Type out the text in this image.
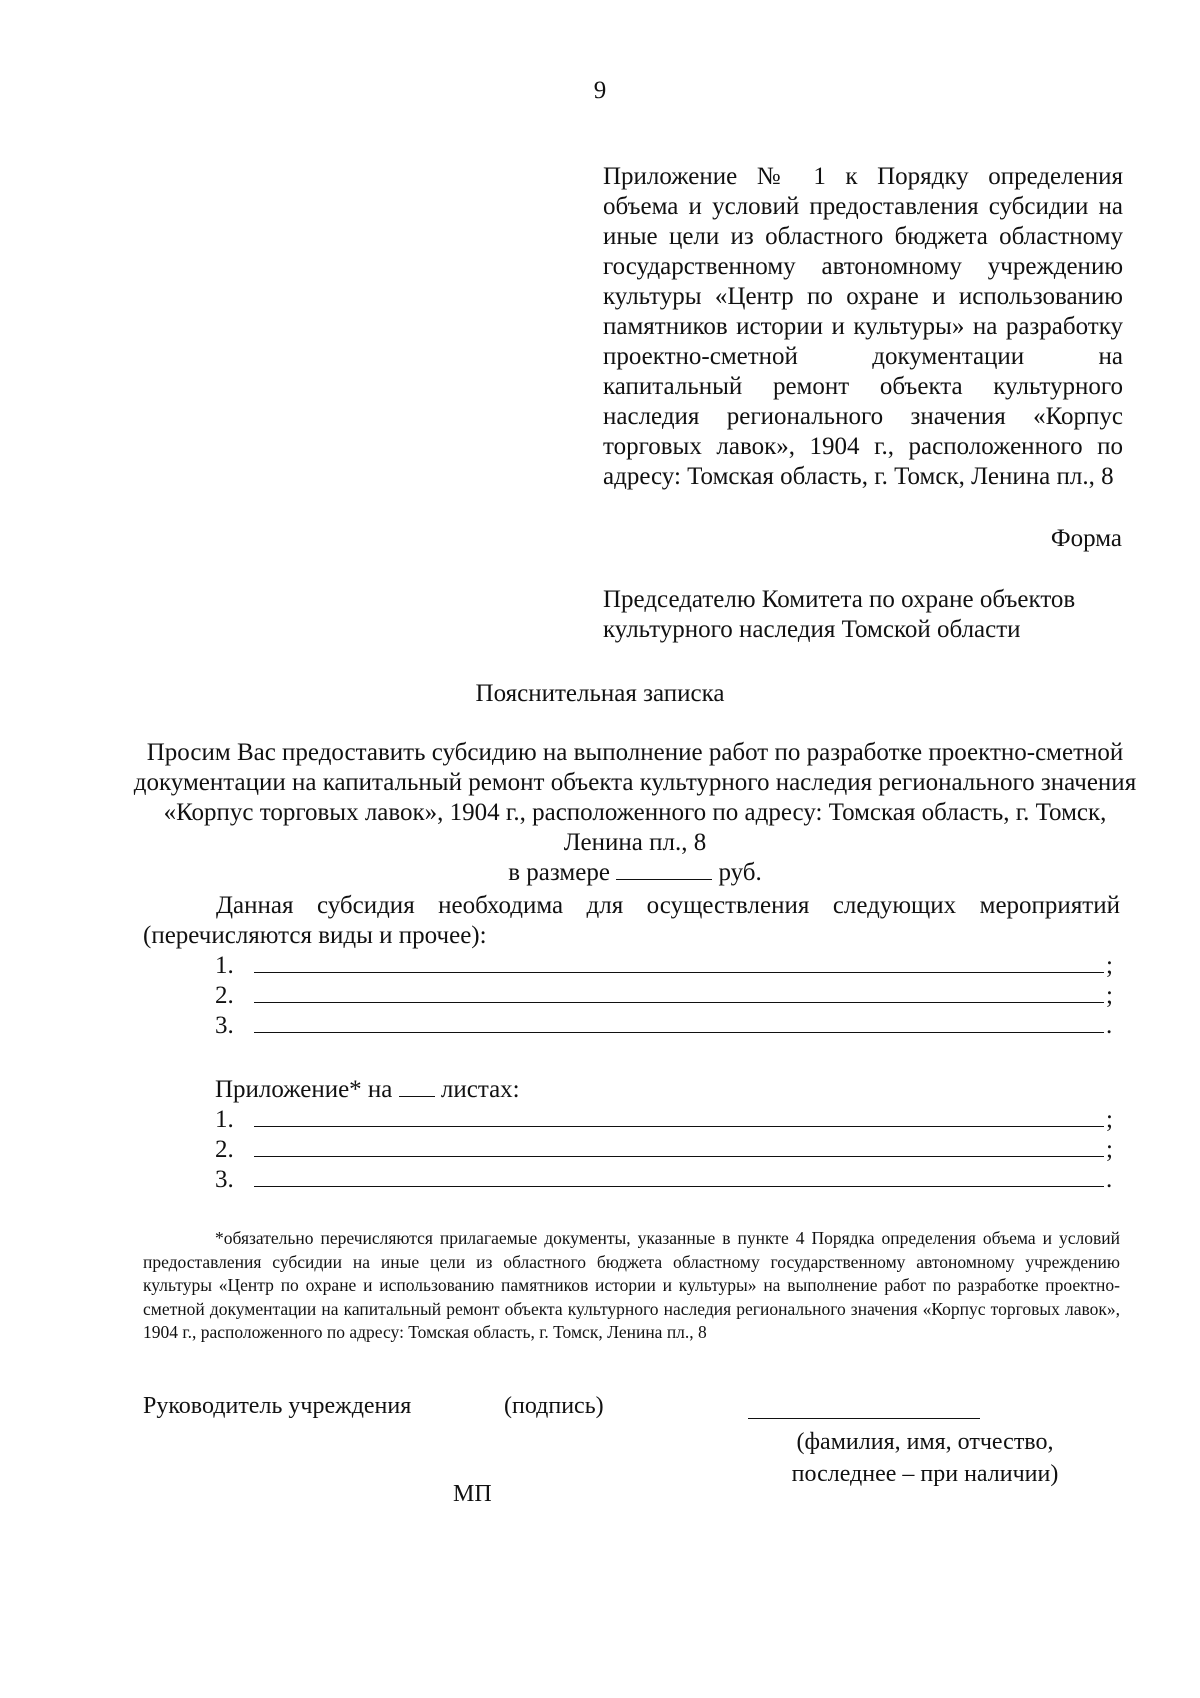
9
Приложение № 1 к Порядку определения объема и условий предоставления субсидии на иные цели из областного бюджета областному государственному автономному учреждению культуры «Центр по охране и использованию памятников истории и культуры» на разработку проектно-сметной документации на капитальный ремонт объекта культурного наследия регионального значения «Корпус торговых лавок», 1904 г., расположенного по адресу: Томская область, г. Томск, Ленина пл., 8
Форма
Председателю Комитета по охране объектов культурного наследия Томской области
Пояснительная записка
Просим Вас предоставить субсидию на выполнение работ по разработке проектно-сметной документации на капитальный ремонт объекта культурного наследия регионального значения «Корпус торговых лавок», 1904 г., расположенного по адресу: Томская область, г. Томск, Ленина пл., 8
в размере	руб.
Данная субсидия необходима для осуществления следующих мероприятий (перечисляются виды и прочее):
1.	;
2.	;
3.	.
Приложение* на листах:
1.	;
2.	;
3.	.
*обязательно перечисляются прилагаемые документы, указанные в пункте 4 Порядка определения объема и условий предоставления субсидии на иные цели из областного бюджета областному государственному автономному учреждению культуры «Центр по охране и использованию памятников истории и культуры» на выполнение работ по разработке проектно-сметной документации на капитальный ремонт объекта культурного наследия регионального значения «Корпус торговых лавок», 1904 г., расположенного по адресу: Томская область, г. Томск, Ленина пл., 8
Руководитель учреждения	(подпись)
(фамилия, имя, отчество,
последнее – при наличии)
МП
